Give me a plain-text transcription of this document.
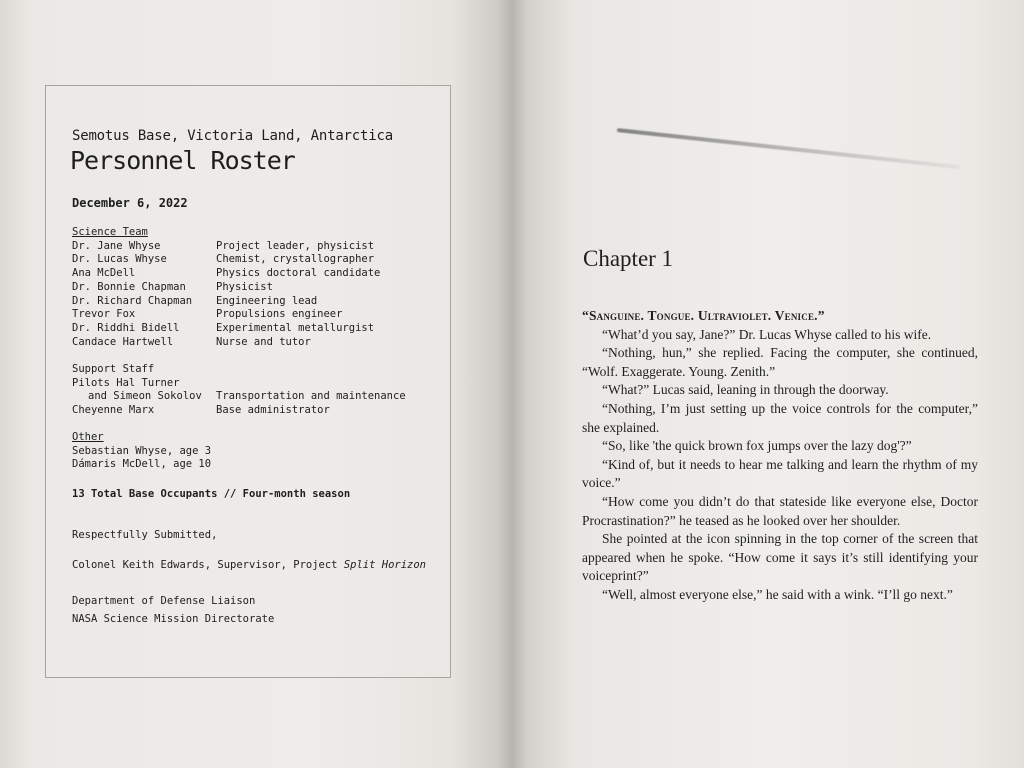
Semotus Base, Victoria Land, Antarctica
Personnel Roster
December 6, 2022
Science Team
Dr. Jane Whyse	Project leader, physicist
Dr. Lucas Whyse	Chemist, crystallographer
Ana McDell	Physics doctoral candidate
Dr. Bonnie Chapman	Physicist
Dr. Richard Chapman	Engineering lead
Trevor Fox	Propulsions engineer
Dr. Riddhi Bidell	Experimental metallurgist
Candace Hartwell	Nurse and tutor
Support Staff
Pilots Hal Turner
and Simeon Sokolov	Transportation and maintenance
Cheyenne Marx	Base administrator
Other
Sebastian Whyse, age 3
Dámaris McDell, age 10
13 Total Base Occupants // Four-month season
Respectfully Submitted,
Colonel Keith Edwards, Supervisor, Project Split Horizon
Department of Defense Liaison
NASA Science Mission Directorate
Chapter 1

“Sanguine. Tongue. Ultraviolet. Venice.”

“What’d you say, Jane?” Dr. Lucas Whyse called to his wife.

“Nothing, hun,” she replied. Facing the computer, she continued, “Wolf. Exaggerate. Young. Zenith.”

“What?” Lucas said, leaning in through the doorway.

“Nothing, I’m just setting up the voice controls for the computer,” she explained.

“So, like 'the quick brown fox jumps over the lazy dog'?”

“Kind of, but it needs to hear me talking and learn the rhythm of my voice.”

“How come you didn’t do that stateside like everyone else, Doctor Procrastination?” he teased as he looked over her shoulder.

She pointed at the icon spinning in the top corner of the screen that appeared when he spoke. “How come it says it’s still identifying your voiceprint?”

“Well, almost everyone else,” he said with a wink. “I’ll go next.”
